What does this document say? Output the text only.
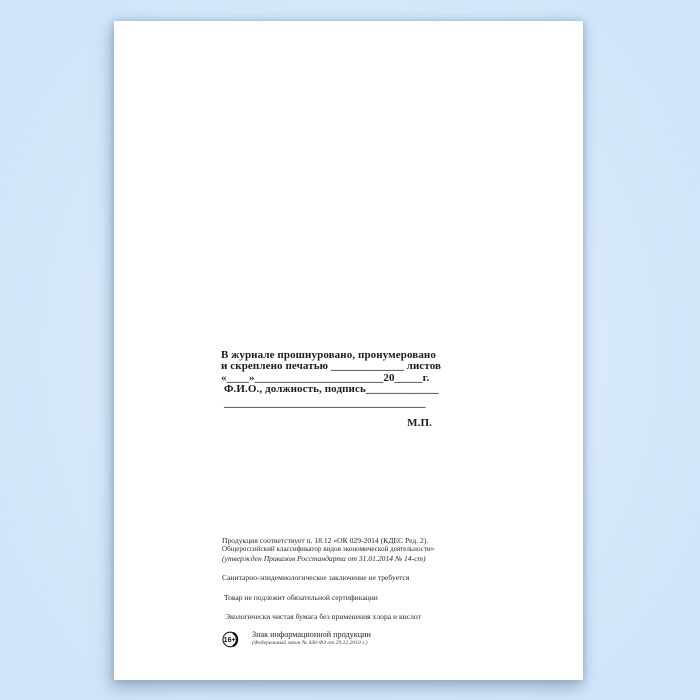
В журнале прошнуровано, пронумеровано
и скреплено печатью _____________ листов
«____»_______________________20_____г.
Ф.И.О., должность, подпись_____________
____________________________________
М.П.
Продукция соответствует п. 18.12 «ОК 029-2014 (КДЕС Ред. 2).
Общероссийский классификатор видов экономической деятельности»
(утвержден Приказом Росстандарта от 31.01.2014 № 14-ст)
Санитарно-эпидемиологическое заключение не требуется
Товар не подлежит обязательной сертификации
Экологически чистая бумага без применения хлора и кислот
16+
Знак информационной продукции
(Федеральный закон № 436-ФЗ от 29.12.2010 г.)
